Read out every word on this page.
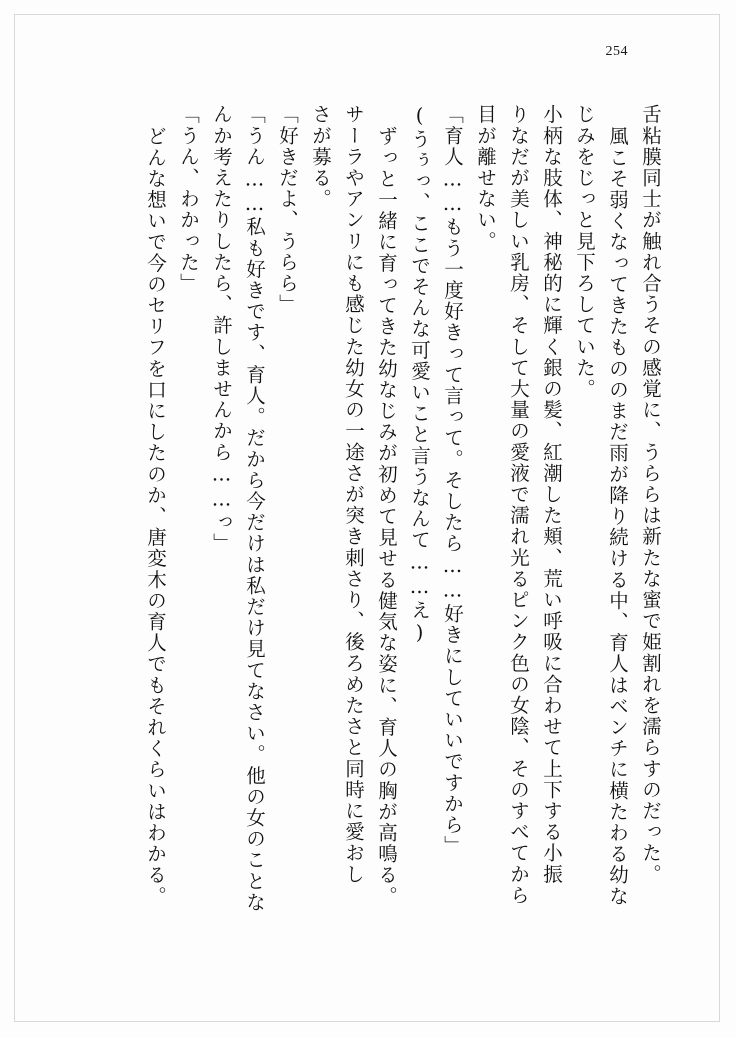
254
舌粘膜同士が触れ合うその感覚に、うららは新たな蜜で姫割れを濡らすのだった。
風こそ弱くなってきたもののまだ雨が降り続ける中、育人はベンチに横たわる幼な
じみをじっと見下ろしていた。
小柄な肢体、神秘的に輝く銀の髪、紅潮した頬、荒い呼吸に合わせて上下する小振
りなだが美しい乳房、そして大量の愛液で濡れ光るピンク色の女陰、そのすべてから
目が離せない。
「育人……もう一度好きって言って。そしたら……好きにしていいですから」
(うぅっ、ここでそんな可愛いこと言うなんて……え)
ずっと一緒に育ってきた幼なじみが初めて見せる健気な姿に、育人の胸が高鳴る。
サーラやアンリにも感じた幼女の一途さが突き刺さり、後ろめたさと同時に愛おし
さが募る。
「好きだよ、うらら」
「うん……私も好きです、育人。だから今だけは私だけ見てなさい。他の女のことな
んか考えたりしたら、許しませんから……っ」
「うん、わかった」
どんな想いで今のセリフを口にしたのか、唐変木の育人でもそれくらいはわかる。
